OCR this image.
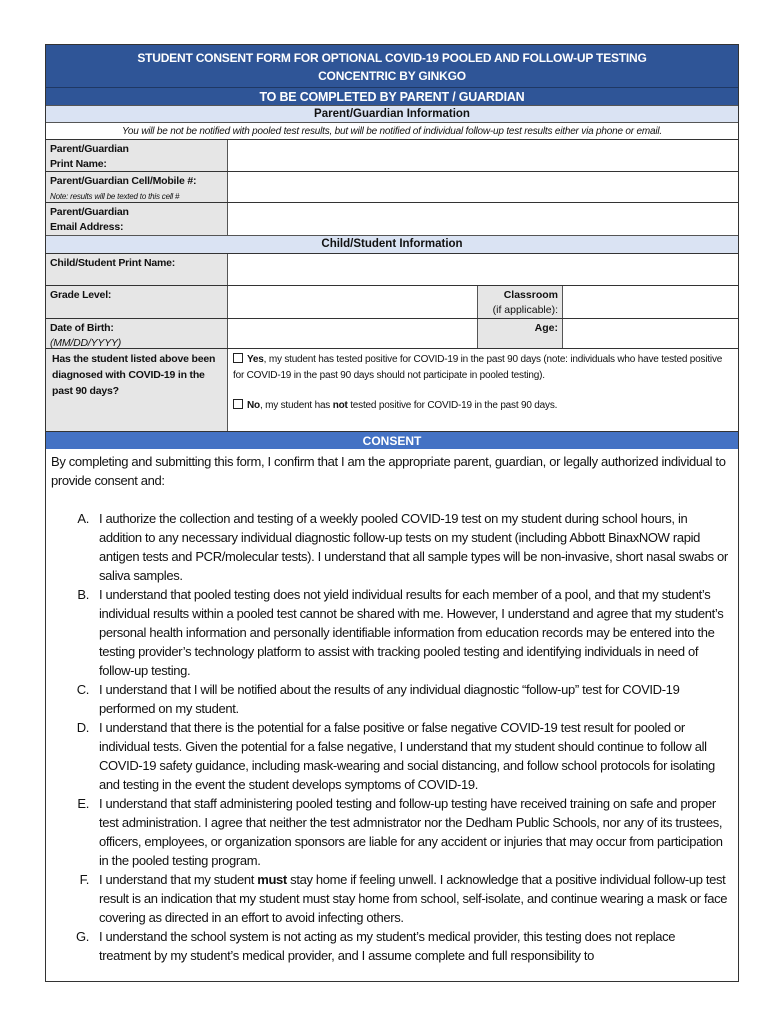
STUDENT CONSENT FORM FOR OPTIONAL COVID-19 POOLED AND FOLLOW-UP TESTING
CONCENTRIC BY GINKGO
TO BE COMPLETED BY PARENT / GUARDIAN
Parent/Guardian Information
You will be not be notified with pooled test results, but will be notified of individual follow-up test results either via phone or email.
Parent/Guardian
Print Name:
Parent/Guardian Cell/Mobile #:
Note: results will be texted to this cell #
Parent/Guardian
Email Address:
Child/Student Information
Child/Student Print Name:
Grade Level:	Classroom
(if applicable):
Date of Birth:
(MM/DD/YYYY)
Age:
Has the student listed above been diagnosed with COVID-19 in the past 90 days?
Yes, my student has tested positive for COVID-19 in the past 90 days (note: individuals who have tested positive for COVID-19 in the past 90 days should not participate in pooled testing).
No, my student has not tested positive for COVID-19 in the past 90 days.
CONSENT

By completing and submitting this form, I confirm that I am the appropriate parent, guardian, or legally authorized individual to provide consent and:

A. I authorize the collection and testing of a weekly pooled COVID-19 test on my student during school hours, in addition to any necessary individual diagnostic follow-up tests on my student (including Abbott BinaxNOW rapid antigen tests and PCR/molecular tests). I understand that all sample types will be non-invasive, short nasal swabs or saliva samples.
B. I understand that pooled testing does not yield individual results for each member of a pool, and that my student’s individual results within a pooled test cannot be shared with me. However, I understand and agree that my student’s personal health information and personally identifiable information from education records may be entered into the testing provider’s technology platform to assist with tracking pooled testing and identifying individuals in need of follow-up testing.
C. I understand that I will be notified about the results of any individual diagnostic “follow-up” test for COVID-19 performed on my student.
D. I understand that there is the potential for a false positive or false negative COVID-19 test result for pooled or individual tests. Given the potential for a false negative, I understand that my student should continue to follow all COVID-19 safety guidance, including mask-wearing and social distancing, and follow school protocols for isolating and testing in the event the student develops symptoms of COVID-19.
E. I understand that staff administering pooled testing and follow-up testing have received training on safe and proper test administration. I agree that neither the test admnistrator nor the Dedham Public Schools, nor any of its trustees, officers, employees, or organization sponsors are liable for any accident or injuries that may occur from participation in the pooled testing program.
F. I understand that my student must stay home if feeling unwell. I acknowledge that a positive individual follow-up test result is an indication that my student must stay home from school, self-isolate, and continue wearing a mask or face covering as directed in an effort to avoid infecting others.
G. I understand the school system is not acting as my student’s medical provider, this testing does not replace treatment by my student’s medical provider, and I assume complete and full responsibility to
